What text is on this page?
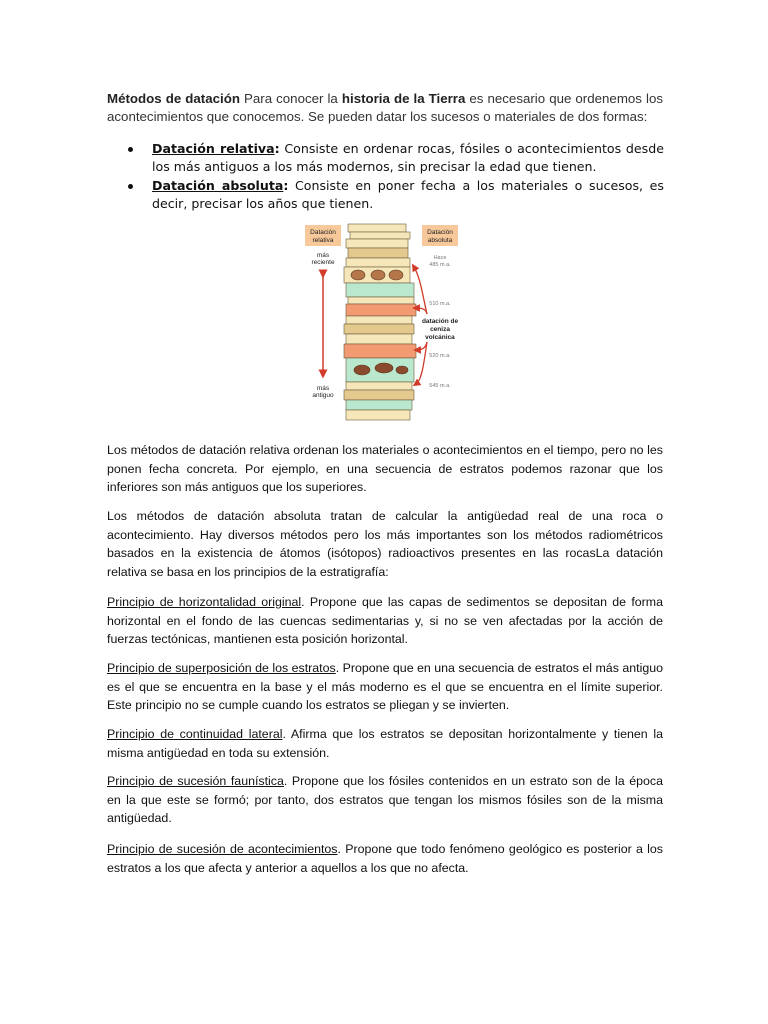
Métodos de datación Para conocer la historia de la Tierra es necesario que ordenemos los acontecimientos que conocemos. Se pueden datar los sucesos o materiales de dos formas:
Datación relativa: Consiste en ordenar rocas, fósiles o acontecimientos desde los más antiguos a los más modernos, sin precisar la edad que tienen.
Datación absoluta: Consiste en poner fecha a los materiales o sucesos, es decir, precisar los años que tienen.
Datación
relativa
Datación
absoluta
más
reciente
más
antiguo
Hace
485 m.a.
510 m.a.
datación de
ceniza
volcánica
520 m.a.
545 m.a.

Los métodos de datación relativa ordenan los materiales o acontecimientos en el tiempo, pero no les ponen fecha concreta. Por ejemplo, en una secuencia de estratos podemos razonar que los inferiores son más antiguos que los superiores.

Los métodos de datación absoluta tratan de calcular la antigüedad real de una roca o acontecimiento. Hay diversos métodos pero los más importantes son los métodos radiométricos basados en la existencia de átomos (isótopos) radioactivos presentes en las rocasLa datación relativa se basa en los principios de la estratigrafía:

Principio de horizontalidad original. Propone que las capas de sedimentos se depositan de forma horizontal en el fondo de las cuencas sedimentarias y, si no se ven afectadas por la acción de fuerzas tectónicas, mantienen esta posición horizontal.

Principio de superposición de los estratos. Propone que en una secuencia de estratos el más antiguo es el que se encuentra en la base y el más moderno es el que se encuentra en el límite superior. Este principio no se cumple cuando los estratos se pliegan y se invierten.

Principio de continuidad lateral. Afirma que los estratos se depositan horizontalmente y tienen la misma antigüedad en toda su extensión.

Principio de sucesión faunística. Propone que los fósiles contenidos en un estrato son de la época en la que este se formó; por tanto, dos estratos que tengan los mismos fósiles son de la misma antigüedad.

Principio de sucesión de acontecimientos. Propone que todo fenómeno geológico es posterior a los estratos a los que afecta y anterior a aquellos a los que no afecta.
